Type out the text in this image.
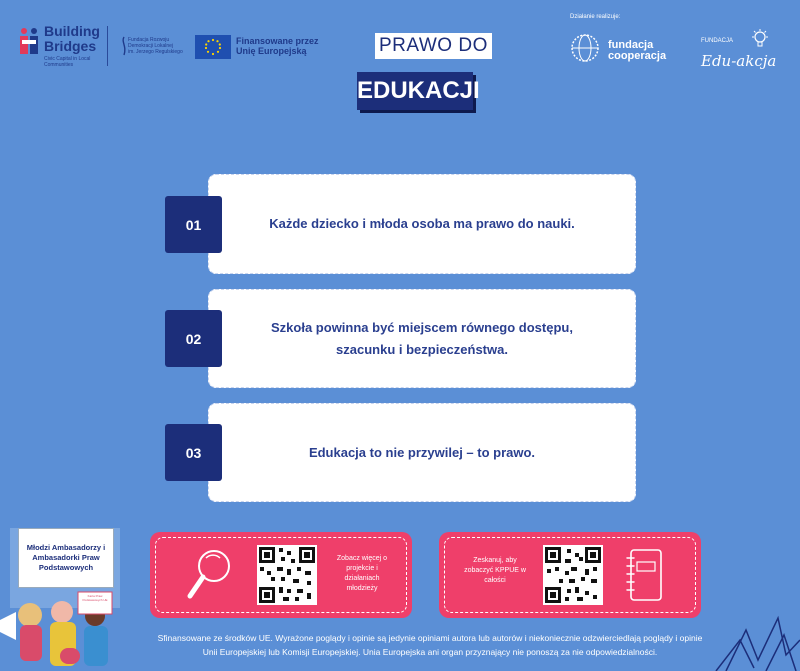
Building
Bridges
Civic Capital in Local Communities
Fundacja Rozwoju Demokracji Lokalnej
im. Jerzego Regulskiego
Finansowane przez
Unię Europejską	PRAWO DO
EDUKACJI
Działanie realizuje:
fundacja
cooperacja
FUNDACJA
Edu-akcja
Każde dziecko i młoda osoba ma prawo do nauki.
01
Szkoła powinna być miejscem równego dostępu, szacunku i bezpieczeństwa.
02
Edukacja to nie przywilej – to prawo.
03
Zobacz więcej o projekcie i działaniach młodzieży
Zeskanuj, aby zobaczyć KPPUE w całości
Młodzi Ambasadorzy i Ambasadorki Praw Podstawowych
Karta Praw Podstawowych UE
Sfinansowane ze środków UE. Wyrażone poglądy i opinie są jedynie opiniami autora lub autorów i niekoniecznie odzwierciedlają poglądy i opinie Unii Europejskiej lub Komisji Europejskiej. Unia Europejska ani organ przyznający nie ponoszą za nie odpowiedzialności.
